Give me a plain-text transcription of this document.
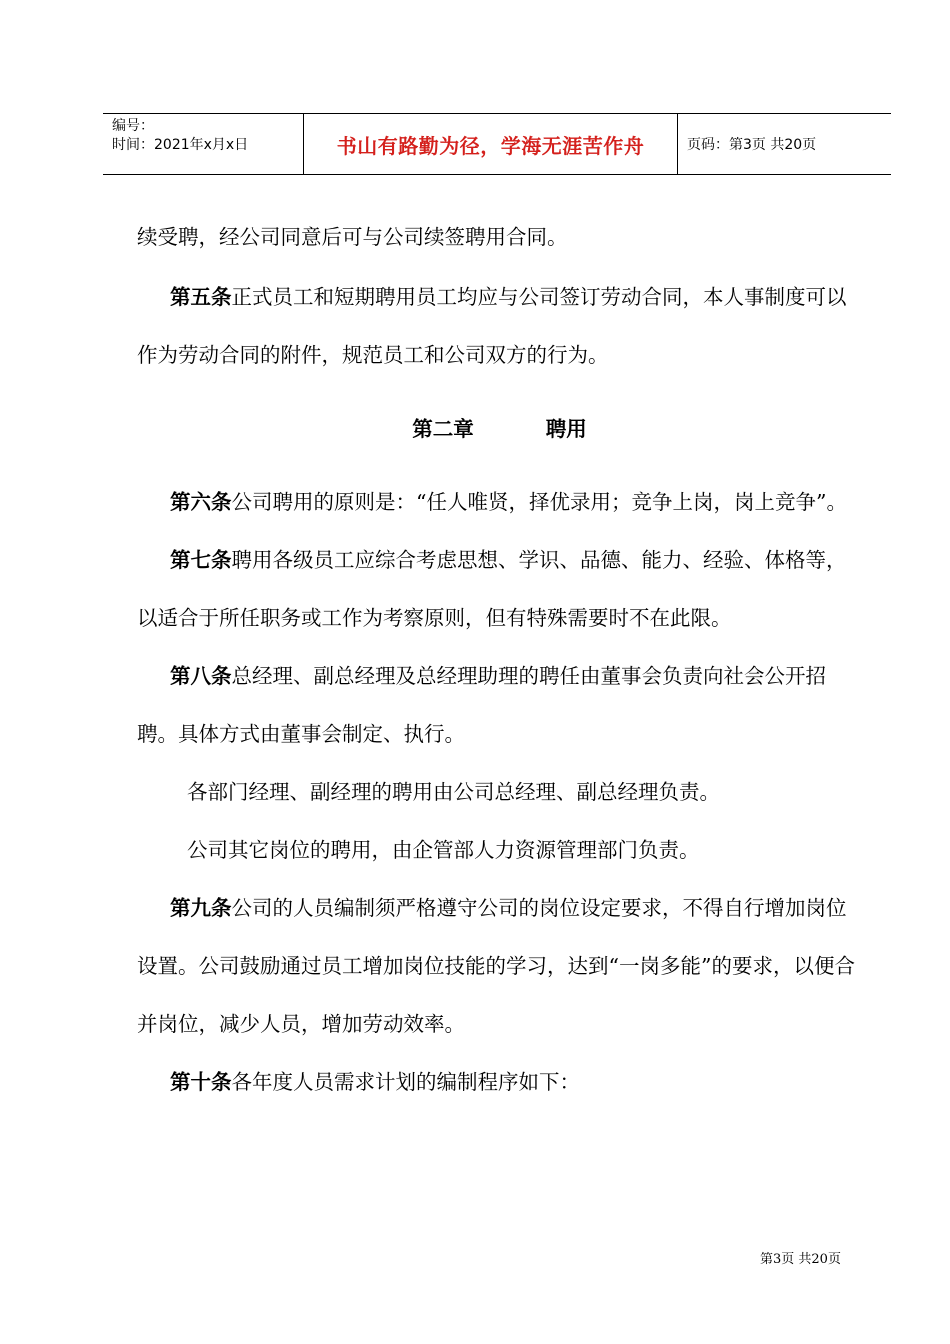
编号：
时间：2021年x月x日	书山有路勤为径，学海无涯苦作舟	页码：第3页 共20页

续受聘，经公司同意后可与公司续签聘用合同。

第五条正式员工和短期聘用员工均应与公司签订劳动合同，本人事制度可以作为劳动合同的附件，规范员工和公司双方的行为。

第二章	聘用

第六条公司聘用的原则是：“任人唯贤，择优录用；竞争上岗，岗上竞争”。

第七条聘用各级员工应综合考虑思想、学识、品德、能力、经验、体格等，以适合于所任职务或工作为考察原则，但有特殊需要时不在此限。

第八条总经理、副总经理及总经理助理的聘任由董事会负责向社会公开招聘。具体方式由董事会制定、执行。

各部门经理、副经理的聘用由公司总经理、副总经理负责。

公司其它岗位的聘用，由企管部人力资源管理部门负责。

第九条公司的人员编制须严格遵守公司的岗位设定要求，不得自行增加岗位设置。公司鼓励通过员工增加岗位技能的学习，达到“一岗多能”的要求，以便合并岗位，减少人员，增加劳动效率。

第十条各年度人员需求计划的编制程序如下：

第3页 共20页
